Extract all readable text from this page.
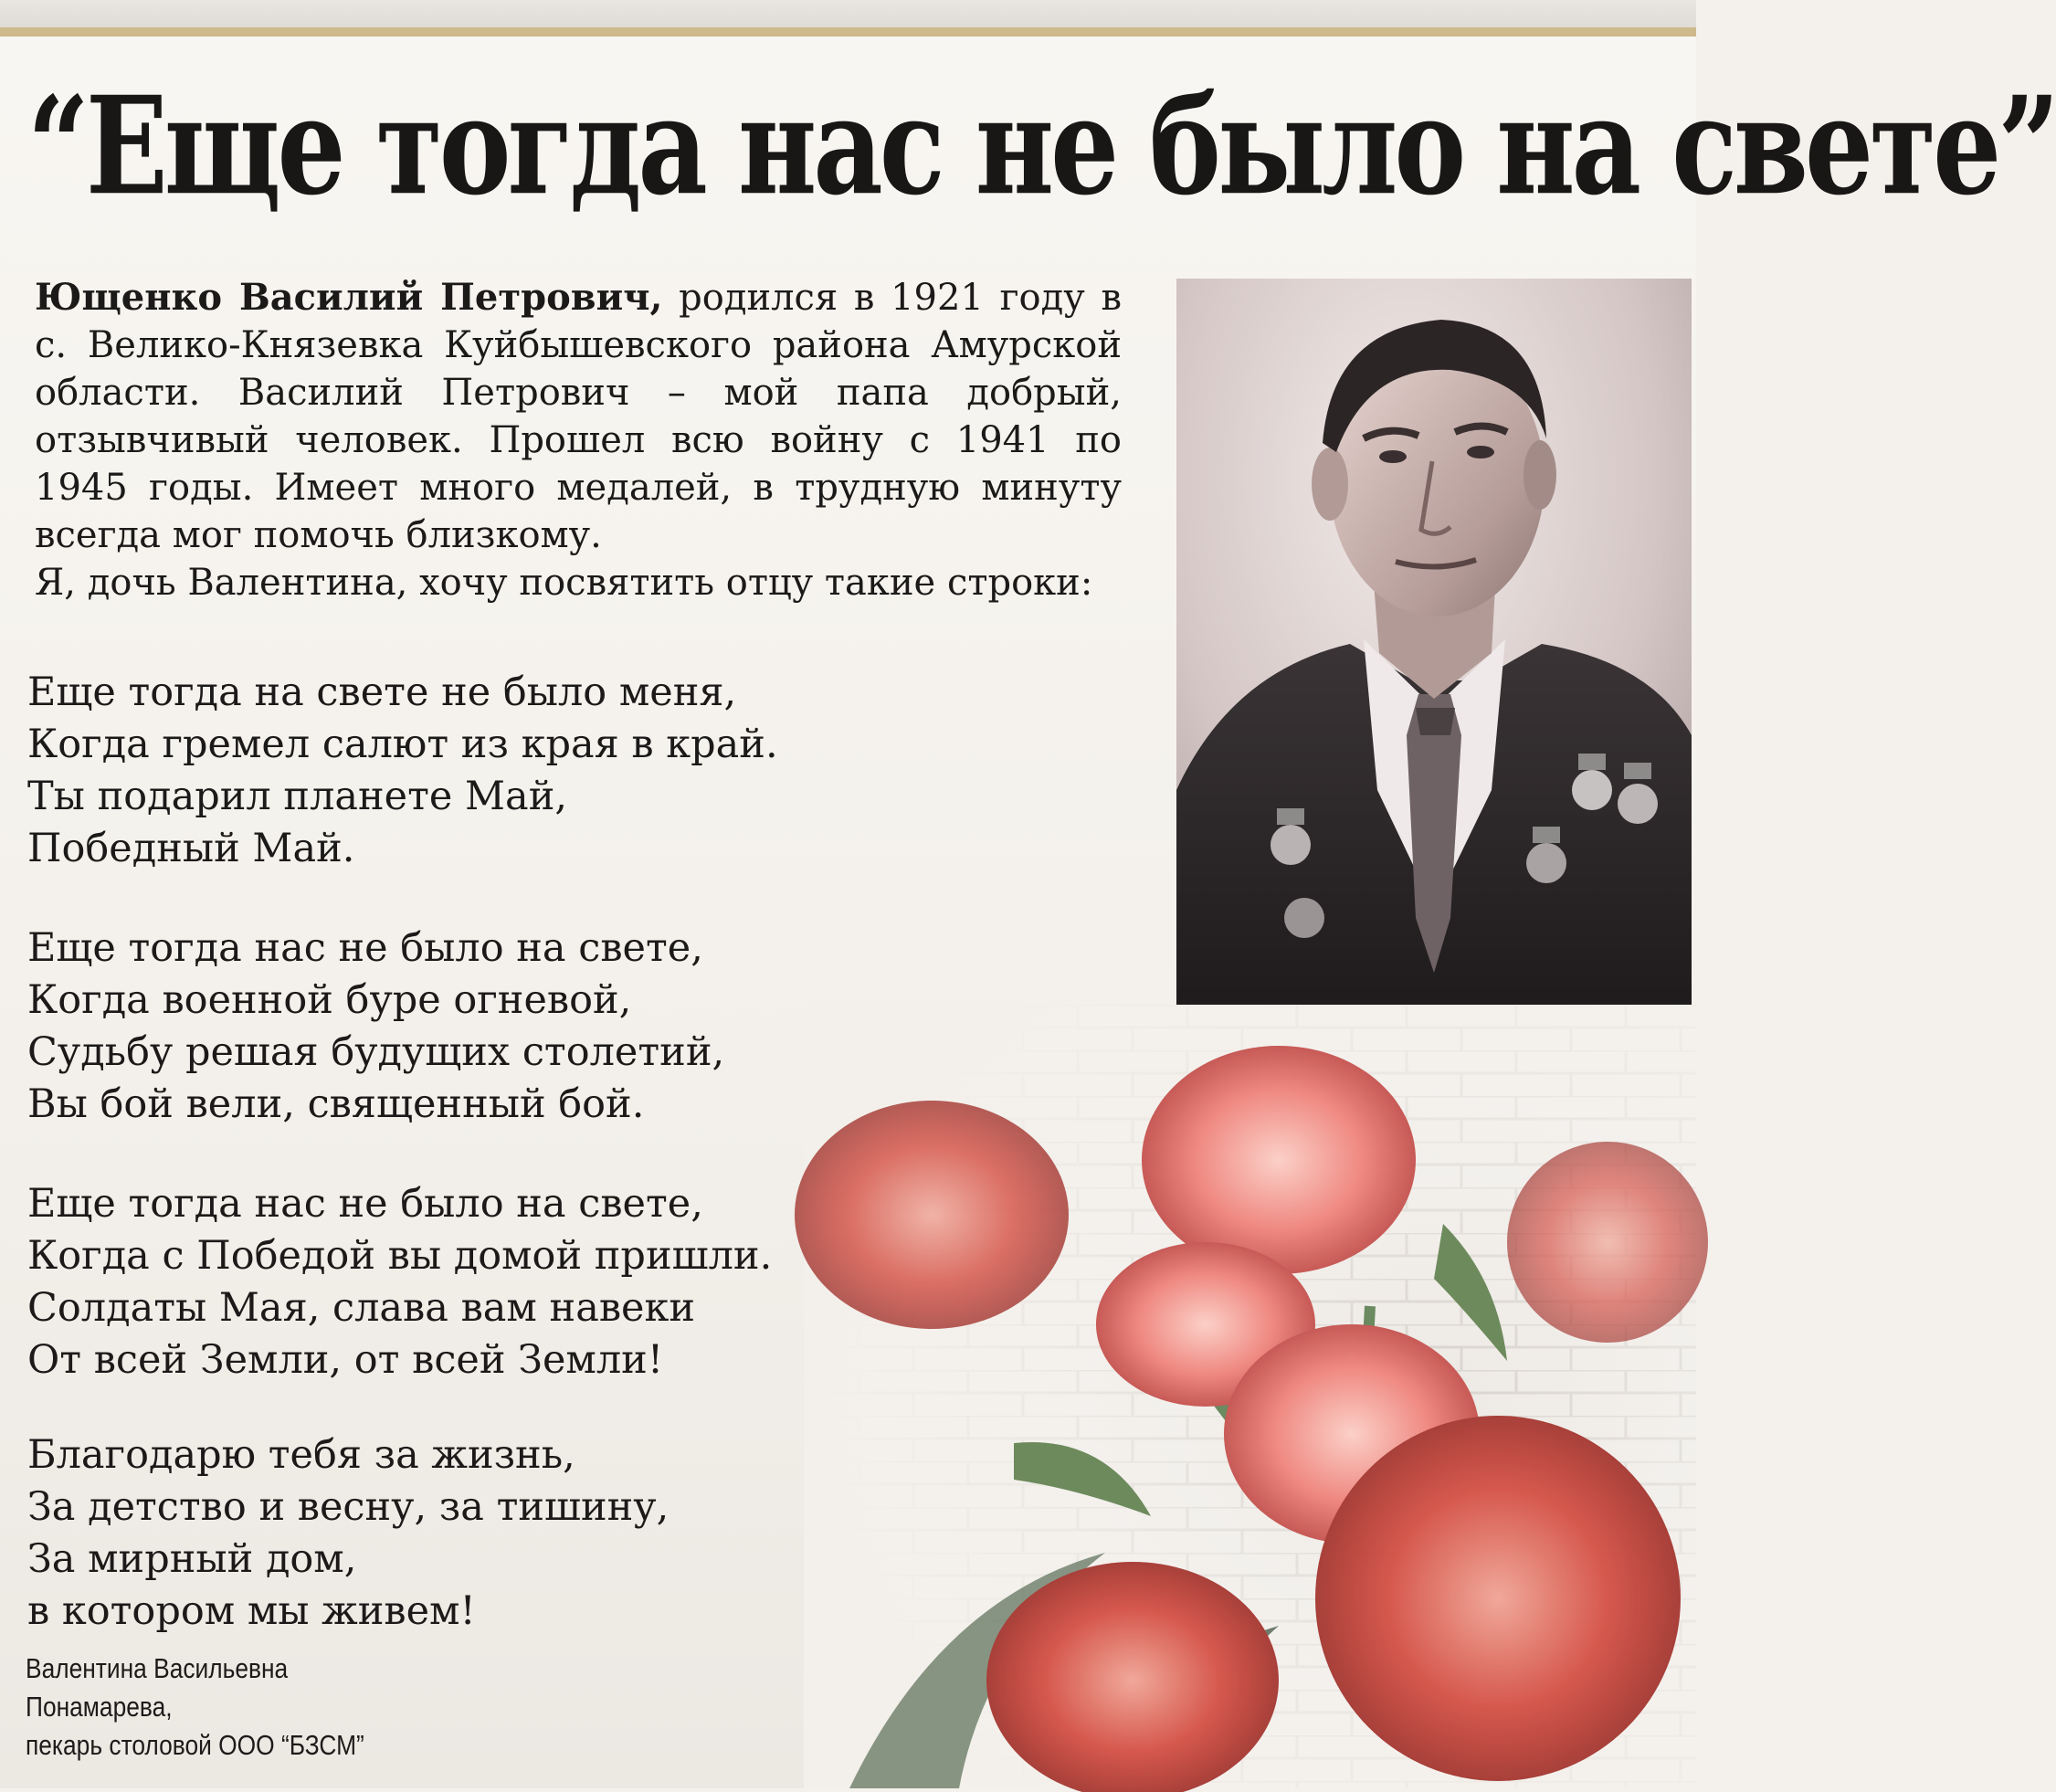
“Еще тогда нас не было на свете”

Ющенко Василий Петрович, родился в 1921 году в с. Велико-Князевка Куйбышевского района Амурской области. Василий Петрович – мой папа добрый, отзывчивый человек. Прошел всю войну с 1941 по 1945 годы. Имеет много медалей, в трудную минуту всегда мог помочь близкому.

Я, дочь Валентина, хочу посвятить отцу такие строки:

Еще тогда на свете не было меня,
Когда гремел салют из края в край.
Ты подарил планете Май,
Победный Май.
Еще тогда нас не было на свете,
Когда военной буре огневой,
Судьбу решая будущих столетий,
Вы бой вели, священный бой.
Еще тогда нас не было на свете,
Когда с Победой вы домой пришли.
Солдаты Мая, слава вам навеки
От всей Земли, от всей Земли!
Благодарю тебя за жизнь,
За детство и весну, за тишину,
За мирный дом,
в котором мы живем!
Валентина Васильевна
Понамарева,
пекарь столовой ООО “БЗСМ”
